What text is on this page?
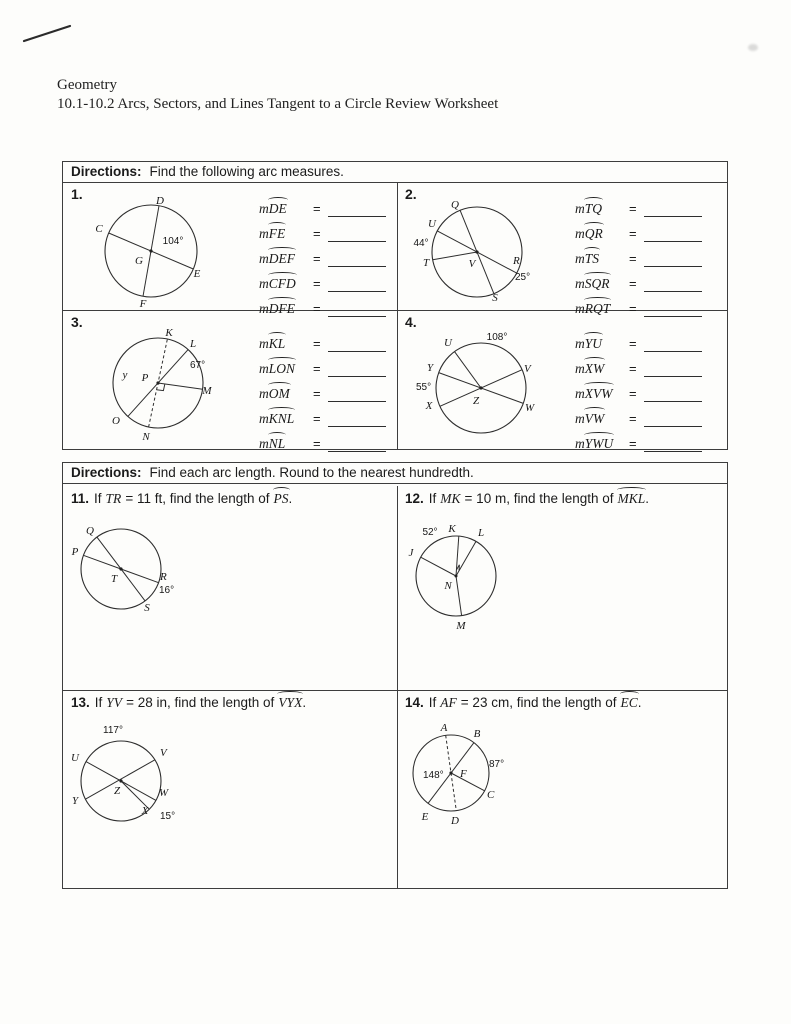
Geometry
10.1-10.2 Arcs, Sectors, and Lines Tangent to a Circle Review Worksheet
Directions: Find the following arc measures.
1.	D
C
E
F
G
104°
mDE	=
mFE	=
mDEF	=
mCFD	=
mDFE	=
2.
Q
U
T	V	R
S
44°
25°
mTQ	=
mQR	=
mTS	=
mSQR	=
mRQT	=
3.
K
L
M
O
N
P
y
67°
mKL	=
mLON	=
mOM	=
mKNL	=
mNL	=
4.
U
V
W
Y
X	Z
108°
55°
mYU	=
mXW	=
mXVW	=
mVW	=
mYWU	=
Directions: Find each arc length. Round to the nearest hundredth.
11. If TR = 11 ft, find the length of PS.
Q
P
T	R
16°
S
12. If MK = 10 m, find the length of MKL.
K L
J
M
N
52°
13. If YV = 28 in, find the length of VYX.
117°
U	V
Z
Y
W
X 15°
14. If AF = 23 cm, find the length of EC.
A B
87°
C
F
148°
E D
